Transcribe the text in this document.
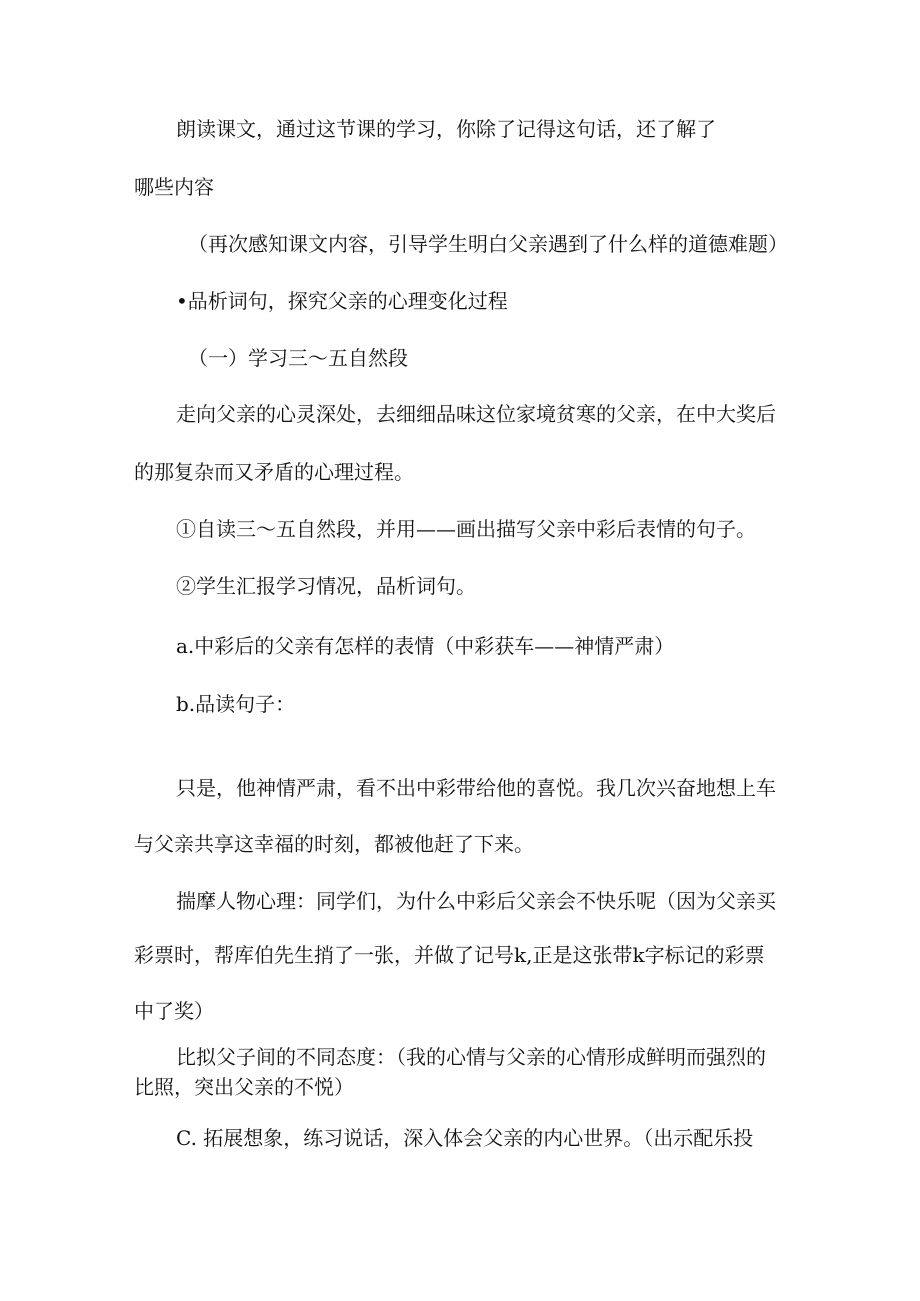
朗读课文，通过这节课的学习，你除了记得这句话，还了解了
哪些内容
（再次感知课文内容，引导学生明白父亲遇到了什么样的道德难题）
•品析词句，探究父亲的心理变化过程
（一）学习三～五自然段
走向父亲的心灵深处，去细细品味这位家境贫寒的父亲，在中大奖后
的那复杂而又矛盾的心理过程。
①自读三～五自然段，并用——画出描写父亲中彩后表情的句子。
②学生汇报学习情况，品析词句。
a.中彩后的父亲有怎样的表情（中彩获车——神情严肃）
b.品读句子：
只是，他神情严肃，看不出中彩带给他的喜悦。我几次兴奋地想上车
与父亲共享这幸福的时刻，都被他赶了下来。
揣摩人物心理：同学们，为什么中彩后父亲会不快乐呢（因为父亲买
彩票时，帮库伯先生捎了一张，并做了记号k,正是这张带k字标记的彩票
中了奖）
比拟父子间的不同态度：（我的心情与父亲的心情形成鲜明而强烈的
比照，突出父亲的不悦）
C. 拓展想象，练习说话，深入体会父亲的内心世界。（出示配乐投
